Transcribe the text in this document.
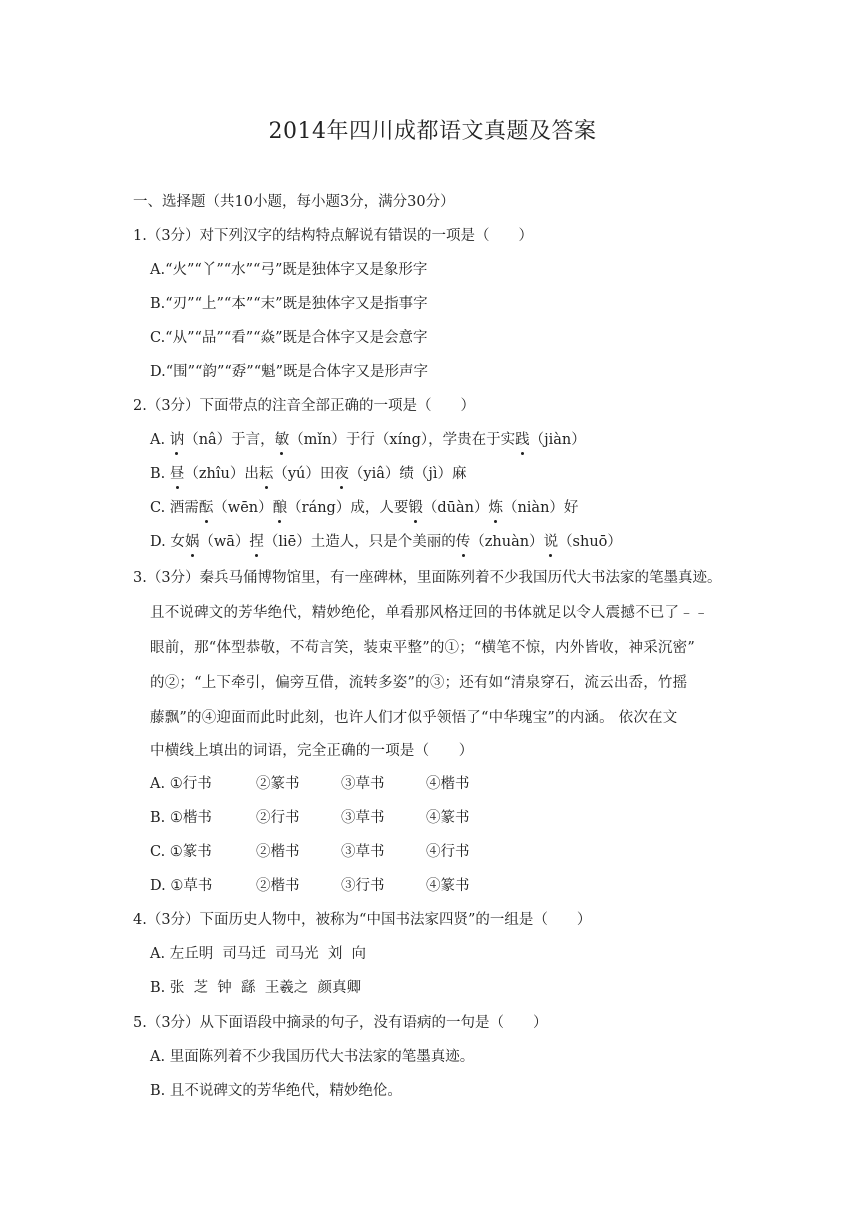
2014年四川成都语文真题及答案
一、选择题（共10小题，每小题3分，满分30分）
1.（3分）对下列汉字的结构特点解说有错误的一项是（　　）
A.“火”“丫”“水”“弓”既是独体字又是象形字
B.“刃”“上”“本”“末”既是独体字又是指事字
C.“从”“品”“看”“焱”既是合体字又是会意字
D.“围”“韵”“孬”“魁”既是合体字又是形声字
2.（3分）下面带点的注音全部正确的一项是（　　）
A. 讷（nâ）于言，敏（mǐn）于行（xíng），学贵在于实践（jiàn）
B. 昼（zhîu）出耘（yú）田夜（yiâ）绩（jì）麻
C. 酒需酝（wēn）酿（ráng）成，人要锻（dūàn）炼（niàn）好
D. 女娲（wā）捏（liē）土造人，只是个美丽的传（zhuàn）说（shuō）
3.（3分）秦兵马俑博物馆里，有一座碑林，里面陈列着不少我国历代大书法家的笔墨真迹。
且不说碑文的芳华绝代，精妙绝伦，单看那风格迂回的书体就足以令人震撼不已了﹣﹣
眼前，那“体型恭敬，不苟言笑，装束平整”的①；“横笔不惊，内外皆收，神采沉密”
的②；“上下牵引，偏旁互借，流转多姿”的③；还有如“清泉穿石，流云出岙，竹摇
藤飘”的④迎面而此时此刻，也许人们才似乎领悟了“中华瑰宝”的内涵。 依次在文
中横线上填出的词语，完全正确的一项是（　　）
A. ①行书	②篆书	③草书	④楷书
B. ①楷书	②行书	③草书	④篆书
C. ①篆书	②楷书	③草书	④行书
D. ①草书	②楷书	③行书	④篆书
4.（3分）下面历史人物中，被称为“中国书法家四贤”的一组是（　　）
A. 左丘明  司马迁  司马光  刘  向
B. 张  芝  钟  繇  王羲之  颜真卿
5.（3分）从下面语段中摘录的句子，没有语病的一句是（　　）
A. 里面陈列着不少我国历代大书法家的笔墨真迹。
B. 且不说碑文的芳华绝代，精妙绝伦。
